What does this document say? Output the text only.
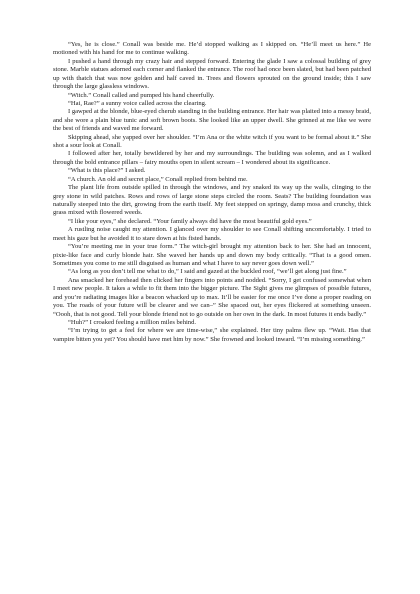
“Yes, he is close.” Conall was beside me. He’d stopped walking as I skipped on. “He’ll meet us here.” He motioned with his hand for me to continue walking.

I pushed a hand through my crazy hair and stepped forward. Entering the glade I saw a colossal building of grey stone. Marble statues adorned each corner and flanked the entrance. The roof had once been slated, but had been patched up with thatch that was now golden and half caved in. Trees and flowers sprouted on the ground inside; this I saw through the large glassless windows.

“Witch.” Conall called and pumped his hand cheerfully.

“Hai, Rae?” a sunny voice called across the clearing.

I gawped at the blonde, blue-eyed cherub standing in the building entrance. Her hair was plaited into a messy braid, and she wore a plain blue tunic and soft brown boots. She looked like an upper dwell. She grinned at me like we were the best of friends and waved me forward.

Skipping ahead, she yapped over her shoulder. “I’m Ana or the white witch if you want to be formal about it.” She shot a sour look at Conall.

I followed after her, totally bewildered by her and my surroundings. The building was solemn, and as I walked through the bold entrance pillars – fairy mouths open in silent scream – I wondered about its significance.

“What is this place?” I asked.

“A church. An old and secret place,” Conall replied from behind me.

The plant life from outside spilled in through the windows, and ivy snaked its way up the walls, clinging to the grey stone in wild patches. Rows and rows of large stone steps circled the room. Seats? The building foundation was naturally steeped into the dirt, growing from the earth itself. My feet stepped on springy, damp moss and crunchy, thick grass mixed with flowered weeds.

“I like your eyes,” she declared. “Your family always did have the most beautiful gold eyes.”

A rustling noise caught my attention. I glanced over my shoulder to see Conall shifting uncomfortably. I tried to meet his gaze but he avoided it to stare down at his fisted hands.

“You’re meeting me in your true form.” The witch-girl brought my attention back to her. She had an innocent, pixie-like face and curly blonde hair. She waved her hands up and down my body critically. “That is a good omen. Sometimes you come to me still disguised as human and what I have to say never goes down well.”

“As long as you don’t tell me what to do,” I said and gazed at the buckled roof, “we’ll get along just fine.”

Ana smacked her forehead then clicked her fingers into points and nodded. “Sorry, I get confused somewhat when I meet new people. It takes a while to fit them into the bigger picture. The Sight gives me glimpses of possible futures, and you’re radiating images like a beacon whacked up to max. It’ll be easier for me once I’ve done a proper reading on you. The roads of your future will be clearer and we can–” She spaced out, her eyes flickered at something unseen. “Oooh, that is not good. Tell your blonde friend not to go outside on her own in the dark. In most futures it ends badly.”

“Huh?” I croaked feeling a million miles behind.

“I’m trying to get a feel for where we are time-wise,” she explained. Her tiny palms flew up. “Wait. Has that vampire bitten you yet? You should have met him by now.” She frowned and looked inward. “I’m missing something.”
